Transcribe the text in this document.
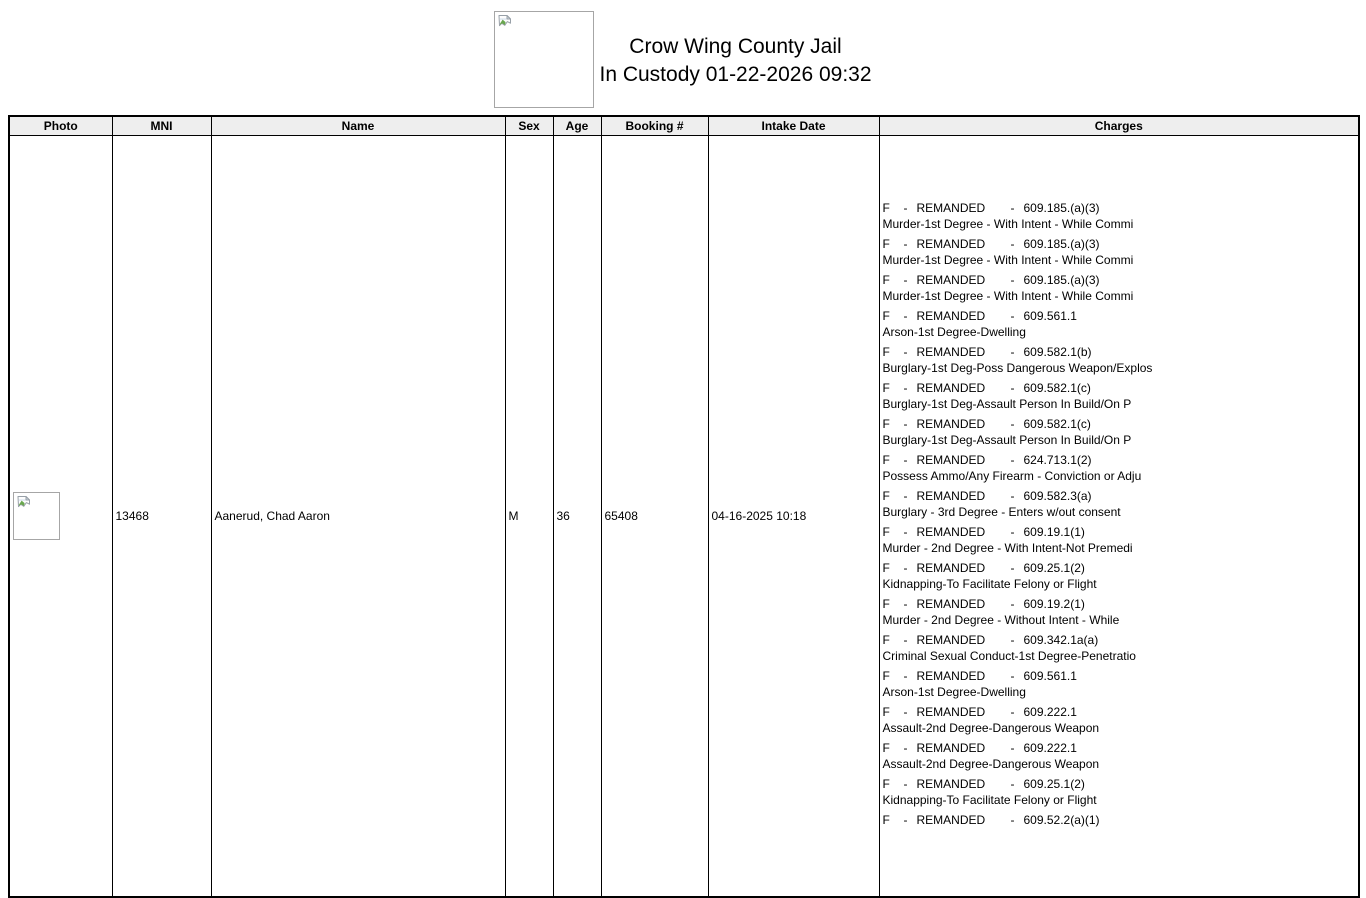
Crow Wing County Jail
In Custody 01-22-2026 09:32
Photo	MNI	Name	Sex	Age	Booking #	Intake Date	Charges

	13468	Aanerud, Chad Aaron	M	36	65408	04-16-2025 10:18	
F - REMANDED - 609.185.(a)(3)
Murder-1st Degree - With Intent - While Commi
F - REMANDED - 609.185.(a)(3)
Murder-1st Degree - With Intent - While Commi
F - REMANDED - 609.185.(a)(3)
Murder-1st Degree - With Intent - While Commi
F - REMANDED - 609.561.1
Arson-1st Degree-Dwelling
F - REMANDED - 609.582.1(b)
Burglary-1st Deg-Poss Dangerous Weapon/Explos
F - REMANDED - 609.582.1(c)
Burglary-1st Deg-Assault Person In Build/On P
F - REMANDED - 609.582.1(c)
Burglary-1st Deg-Assault Person In Build/On P
F - REMANDED - 624.713.1(2)
Possess Ammo/Any Firearm - Conviction or Adju
F - REMANDED - 609.582.3(a)
Burglary - 3rd Degree - Enters w/out consent
F - REMANDED - 609.19.1(1)
Murder - 2nd Degree - With Intent-Not Premedi
F - REMANDED - 609.25.1(2)
Kidnapping-To Facilitate Felony or Flight
F - REMANDED - 609.19.2(1)
Murder - 2nd Degree - Without Intent - While
F - REMANDED - 609.342.1a(a)
Criminal Sexual Conduct-1st Degree-Penetratio
F - REMANDED - 609.561.1
Arson-1st Degree-Dwelling
F - REMANDED - 609.222.1
Assault-2nd Degree-Dangerous Weapon
F - REMANDED - 609.222.1
Assault-2nd Degree-Dangerous Weapon
F - REMANDED - 609.25.1(2)
Kidnapping-To Facilitate Felony or Flight
F - REMANDED - 609.52.2(a)(1)
